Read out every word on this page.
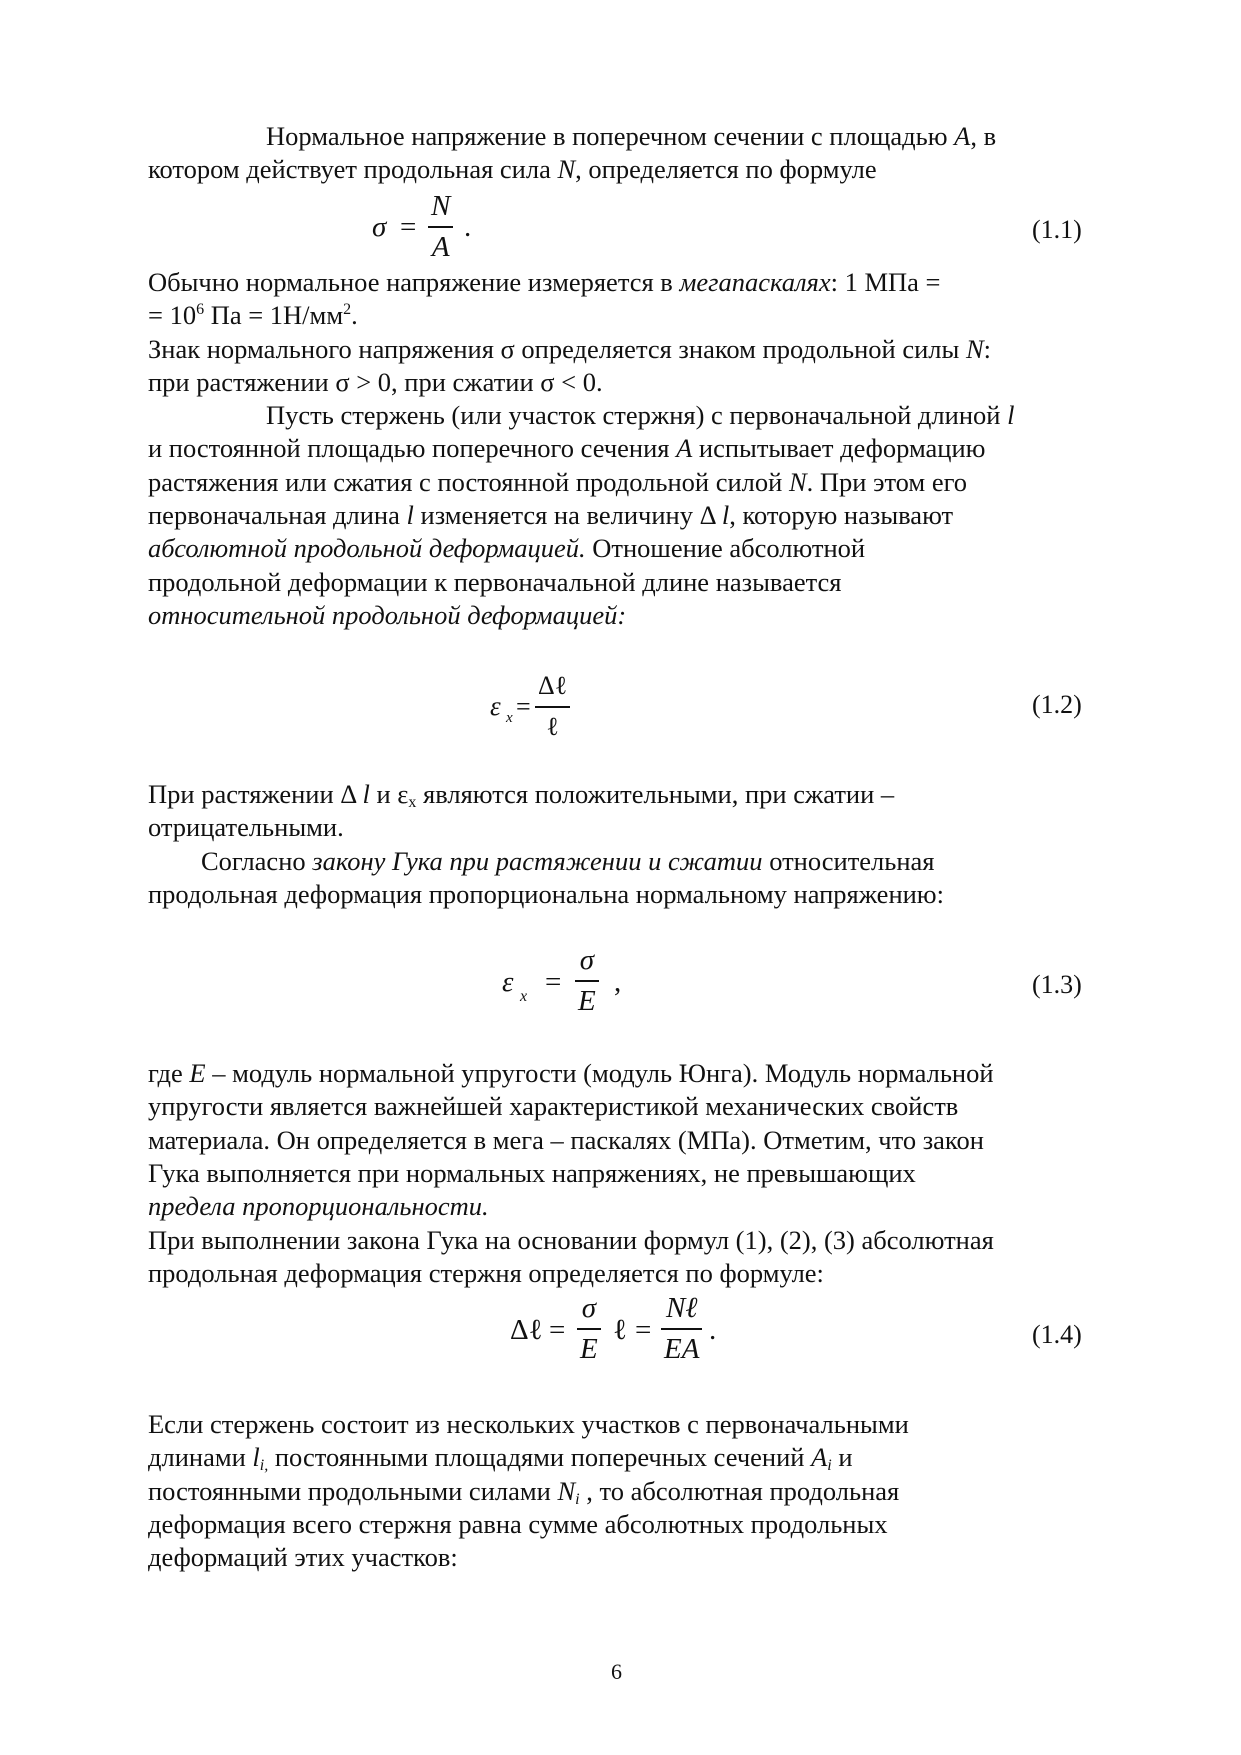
Нормальное напряжение в поперечном сечении с площадью A, в
котором действует продольная сила N, определяется по формуле
σ =
N
A
.	(1.1)
Обычно нормальное напряжение измеряется в мегапаскалях: 1 МПа =
= $10^6$ Па = $1Н/мм^2$.
Знак нормального напряжения σ определяется знаком продольной силы N:
при растяжении σ > 0, при сжатии σ < 0.
Пусть стержень (или участок стержня) с первоначальной длиной l
и постоянной площадью поперечного сечения A испытывает деформацию
растяжения или сжатия с постоянной продольной силой N. При этом его
первоначальная длина l изменяется на величину Δ l, которую называют
абсолютной продольной деформацией. Отношение абсолютной
продольной деформации к первоначальной длине называется
относительной продольной деформацией:
ε x =
Δℓ
ℓ
(1.2)
При растяжении Δ l и $\varepsilon_x$ являются положительными, при сжатии –
отрицательными.
Согласно закону Гука при растяжении и сжатии относительная
продольная деформация пропорциональна нормальному напряжению:
ε x =
σ
E
,	(1.3)
где E – модуль нормальной упругости (модуль Юнга). Модуль нормальной
упругости является важнейшей характеристикой механических свойств
материала. Он определяется в мега – паскалях (МПа). Отметим, что закон
Гука выполняется при нормальных напряжениях, не превышающих
предела пропорциональности.
При выполнении закона Гука на основании формул (1), (2), (3) абсолютная
продольная деформация стержня определяется по формуле:
Δℓ =
σ
E
ℓ =
Nℓ
EA
.	(1.4)
Если стержень состоит из нескольких участков с первоначальными
длинами $l_{i,}$ постоянными площадями поперечных сечений $A_i$ и
постоянными продольными силами $N_i$ , то абсолютная продольная
деформация всего стержня равна сумме абсолютных продольных
деформаций этих участков:
6
